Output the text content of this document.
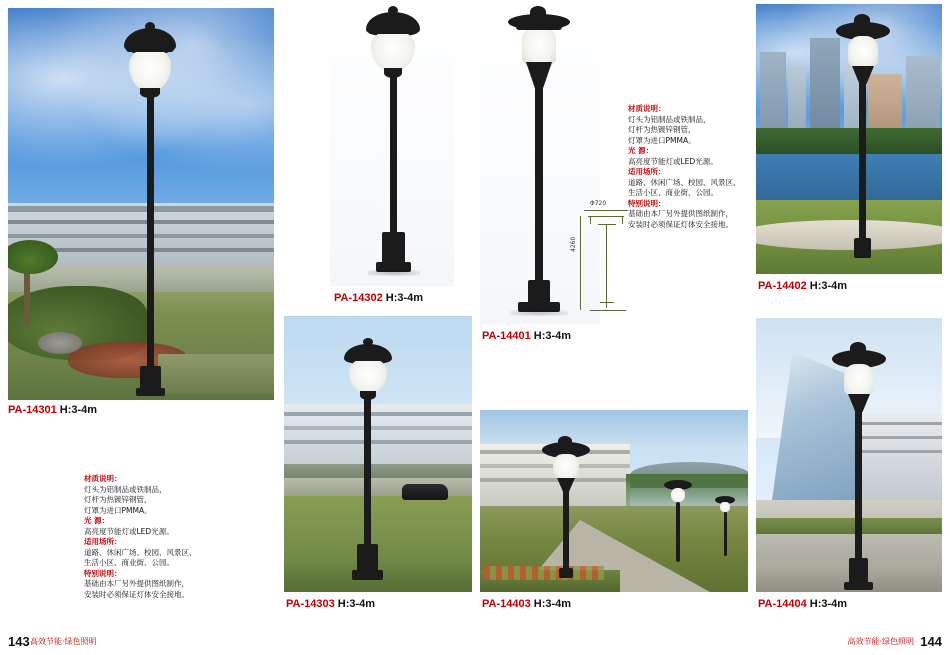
PA-14301 H:3-4m
材质说明：
灯头为铝制品或铁制品，
灯杆为热镀锌钢管，
灯罩为进口PMMA。
光 源：
高亮度节能灯或LED光源。
适用场所：
道路、休闲广场、校园、风景区、
生活小区、商业街、公园。
特别说明：
基础由本厂另外提供图纸制作，
安装时必须保证灯体安全接地。
PA-14302 H:3-4m
PA-14401 H:3-4m
Φ720
4260
材质说明：
灯头为铝制品或铁制品，
灯杆为热镀锌钢管，
灯罩为进口PMMA。
光 源：
高亮度节能灯或LED光源。
适用场所：
道路、休闲广场、校园、风景区、
生活小区、商业街、公园。
特别说明：
基础由本厂另外提供图纸制作，
安装时必须保证灯体安全接地。
PA-14402 H:3-4m
PA-14303 H:3-4m	PA-14403 H:3-4m	PA-14404 H:3-4m
143 高效节能·绿色照明	高效节能·绿色照明 144
